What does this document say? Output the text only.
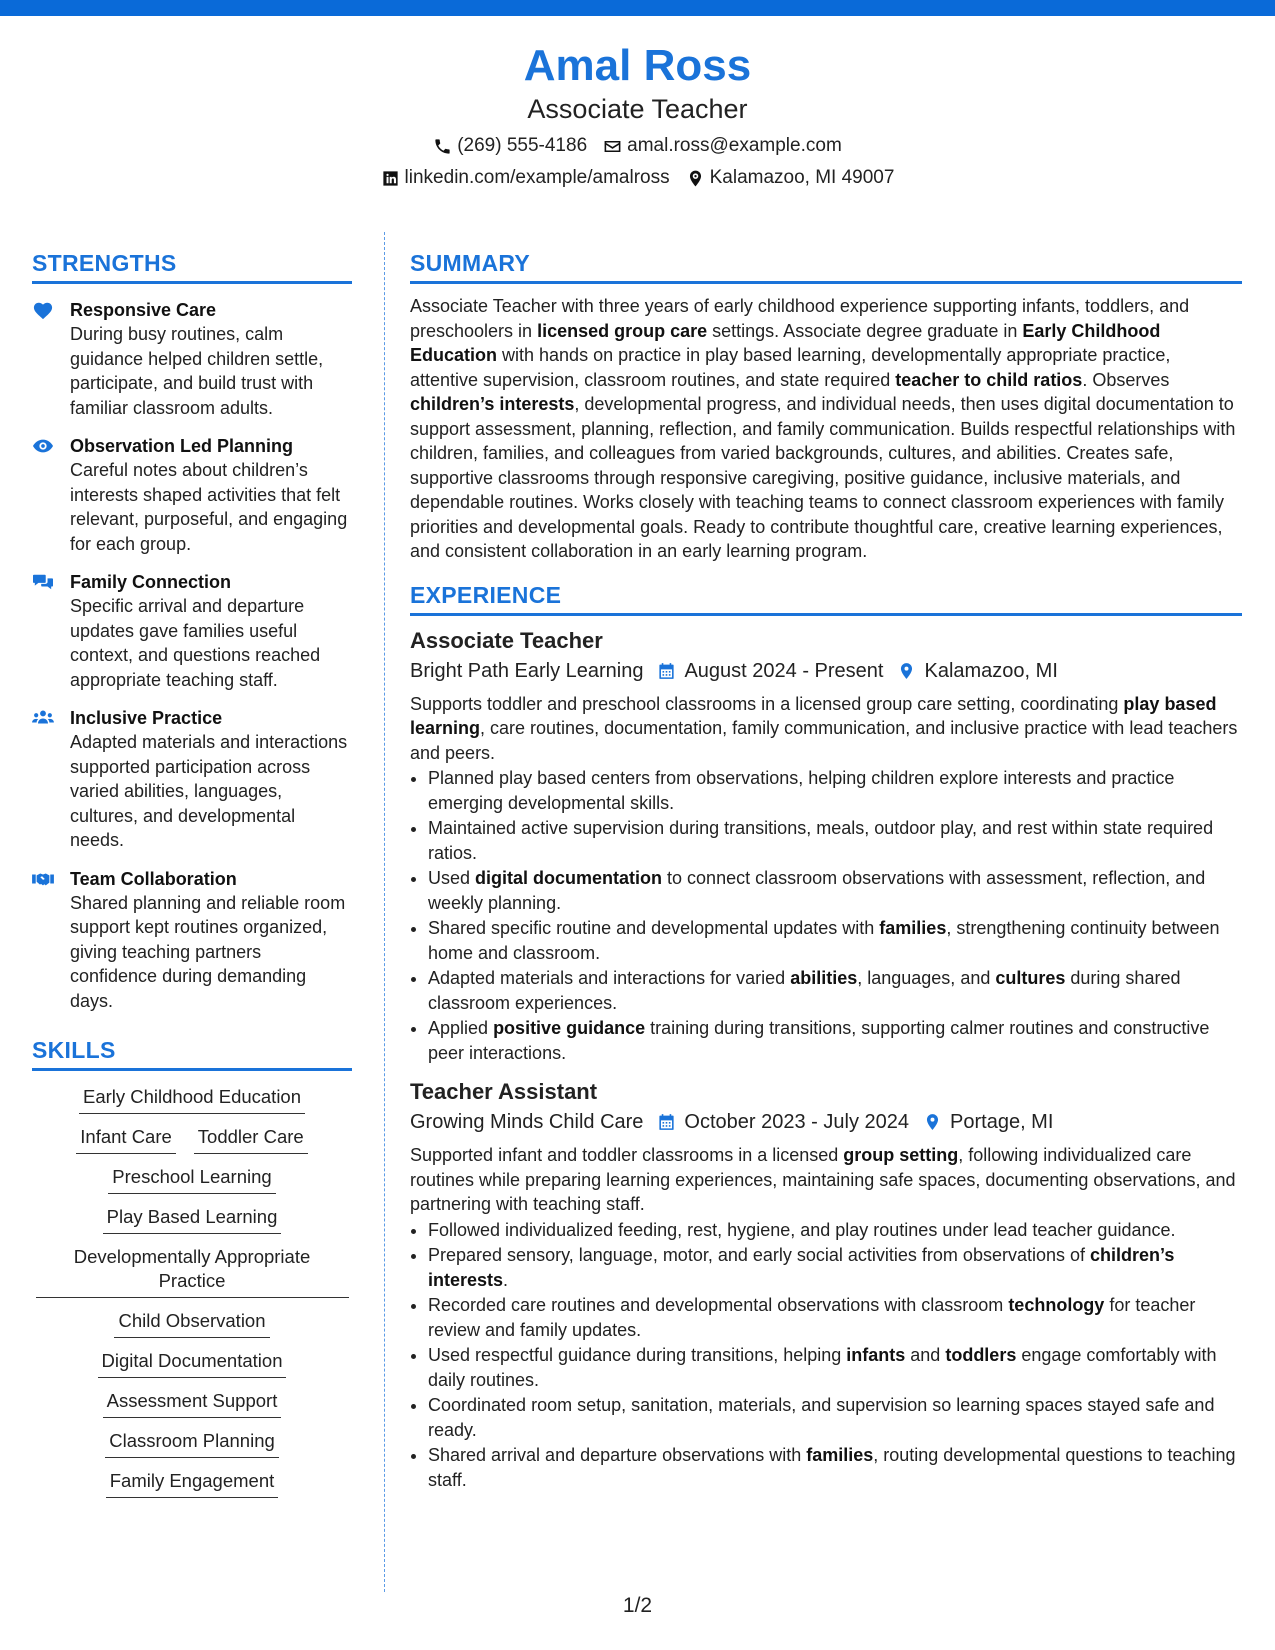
Amal Ross
Associate Teacher
(269) 555-4186 amal.ross@example.com
linkedin.com/example/amalross Kalamazoo, MI 49007
STRENGTHS
Responsive Care
During busy routines, calm guidance helped children settle, participate, and build trust with familiar classroom adults.
Observation Led Planning
Careful notes about children’s interests shaped activities that felt relevant, purposeful, and engaging for each group.
Family Connection
Specific arrival and departure updates gave families useful context, and questions reached appropriate teaching staff.
Inclusive Practice
Adapted materials and interactions supported participation across varied abilities, languages, cultures, and developmental needs.
Team Collaboration
Shared planning and reliable room support kept routines organized, giving teaching partners confidence during demanding days.
SKILLS
Early Childhood Education
Infant Care Toddler Care
Preschool Learning
Play Based Learning
Developmentally Appropriate Practice
Child Observation
Digital Documentation
Assessment Support
Classroom Planning
Family Engagement
SUMMARY
Associate Teacher with three years of early childhood experience supporting infants, toddlers, and preschoolers in licensed group care settings. Associate degree graduate in Early Childhood Education with hands on practice in play based learning, developmentally appropriate practice, attentive supervision, classroom routines, and state required teacher to child ratios. Observes children’s interests, developmental progress, and individual needs, then uses digital documentation to support assessment, planning, reflection, and family communication. Builds respectful relationships with children, families, and colleagues from varied backgrounds, cultures, and abilities. Creates safe, supportive classrooms through responsive caregiving, positive guidance, inclusive materials, and dependable routines. Works closely with teaching teams to connect classroom experiences with family priorities and developmental goals. Ready to contribute thoughtful care, creative learning experiences, and consistent collaboration in an early learning program.
EXPERIENCE
Associate Teacher
Bright Path Early Learning August 2024 - Present Kalamazoo, MI
Supports toddler and preschool classrooms in a licensed group care setting, coordinating play based learning, care routines, documentation, family communication, and inclusive practice with lead teachers and peers.
• Planned play based centers from observations, helping children explore interests and practice emerging developmental skills.
• Maintained active supervision during transitions, meals, outdoor play, and rest within state required ratios.
• Used digital documentation to connect classroom observations with assessment, reflection, and weekly planning.
• Shared specific routine and developmental updates with families, strengthening continuity between home and classroom.
• Adapted materials and interactions for varied abilities, languages, and cultures during shared classroom experiences.
• Applied positive guidance training during transitions, supporting calmer routines and constructive peer interactions.
Teacher Assistant
Growing Minds Child Care October 2023 - July 2024 Portage, MI
Supported infant and toddler classrooms in a licensed group setting, following individualized care routines while preparing learning experiences, maintaining safe spaces, documenting observations, and partnering with teaching staff.
• Followed individualized feeding, rest, hygiene, and play routines under lead teacher guidance.
• Prepared sensory, language, motor, and early social activities from observations of children’s interests.
• Recorded care routines and developmental observations with classroom technology for teacher review and family updates.
• Used respectful guidance during transitions, helping infants and toddlers engage comfortably with daily routines.
• Coordinated room setup, sanitation, materials, and supervision so learning spaces stayed safe and ready.
• Shared arrival and departure observations with families, routing developmental questions to teaching staff.
1/2
